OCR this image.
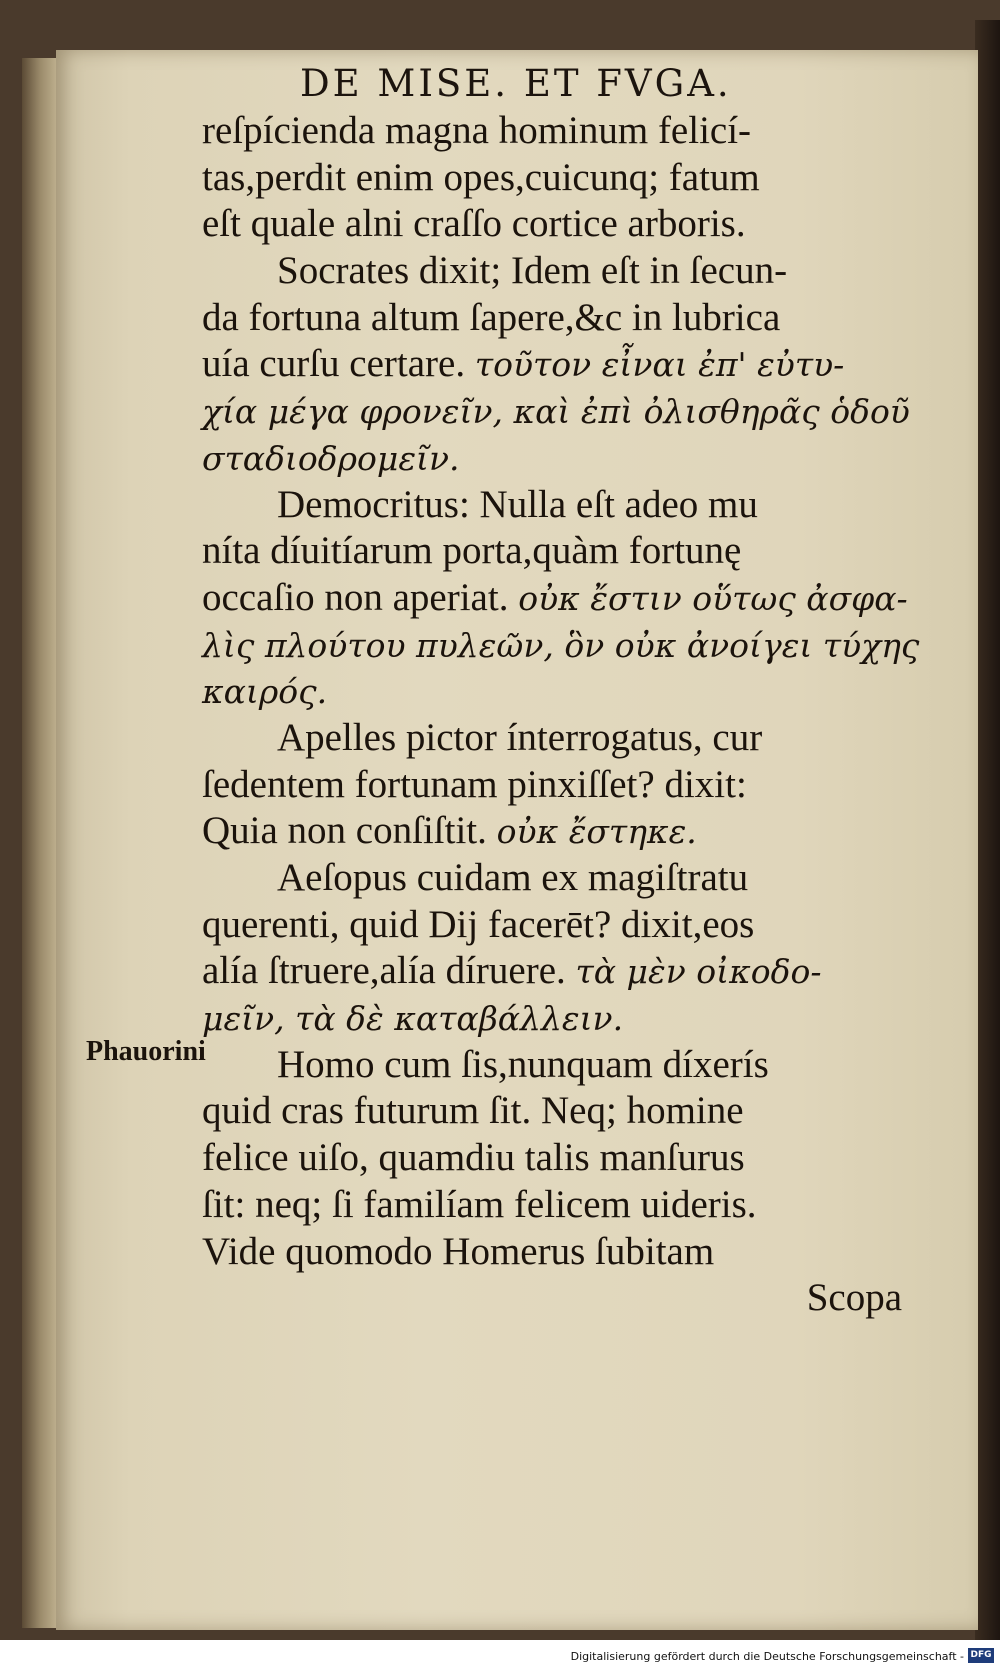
DE MISE. ET FVGA.
reſpícienda magna hominum felicí-
tas,perdit enim opes,cuicunq; fatum
eſt quale alni craſſo cortice arboris.
Socrates dixit; Idem eſt in ſecun-
da fortuna altum ſapere,&c in lubrica
uía curſu certare. τοῦτον εἶναι ἐπ' εὐτυ-
χία μέγα φρονεῖν, καὶ ἐπὶ ὀλισθηρᾶς ὁδοῦ
σταδιοδρομεῖν.
Democritus: Nulla eſt adeo mu
níta díuitíarum porta,quàm fortunę
occaſio non aperiat. οὐκ ἔστιν οὕτως ἀσφα-
λὶς πλούτου πυλεῶν, ὃν οὐκ ἀνοίγει τύχης
καιρός.
Apelles pictor ínterrogatus, cur
ſedentem fortunam pinxiſſet? dixit:
Quia non conſiſtit. οὐκ ἔστηκε.
Aeſopus cuidam ex magiſtratu
querenti, quid Dij facerēt? dixit,eos
alía ſtruere,alía díruere. τὰ μὲν οἰκοδο-
μεῖν, τὰ δὲ καταβάλλειν.
Homo cum ſis,nunquam díxerís
quid cras futurum ſit. Neq; homine
felice uiſo, quamdiu talis manſurus
ſit: neq; ſi familíam felicem uideris.
Vide quomodo Homerus ſubitam
Scopa
Phauorini
Digitalisierung gefördert durch die Deutsche Forschungsgemeinschaft - DFG
